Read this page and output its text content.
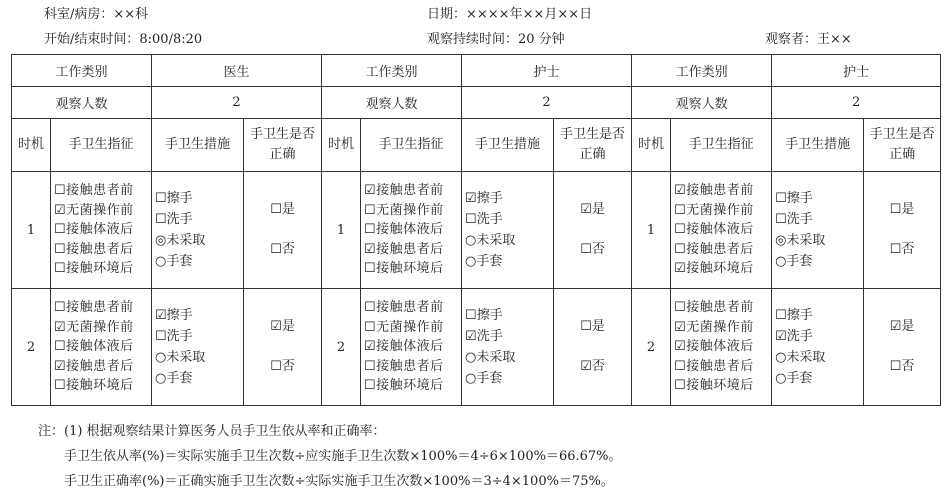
科室/病房：××科	日期：××××年××月××日
开始/结束时间：8:00/8:20	观察持续时间：20 分钟	观察者：王××
工作类别		医生		工作类别		护士		工作类别		护士	
观察人数		2		观察人数		2		观察人数		2	
时机	手卫生指征	手卫生措施	手卫生是否正确	时机	手卫生指征	手卫生措施	手卫生是否正确	时机	手卫生指征	手卫生措施	手卫生是否正确
1	☐接触患者前
☑无菌操作前
☐接触体液后
☐接触患者后
☐接触环境后	☐擦手
☐洗手
◎未采取
○手套	☐是
☐否	1	☑接触患者前
☐无菌操作前
☐接触体液后
☑接触患者后
☐接触环境后	☑擦手
☐洗手
○未采取
○手套	☑是
☐否	1	☑接触患者前
☐无菌操作前
☐接触体液后
☐接触患者后
☑接触环境后	☐擦手
☐洗手
◎未采取
○手套	☐是
☐否

2	☐接触患者前
☑无菌操作前
☐接触体液后
☑接触患者后
☐接触环境后	☑擦手
☐洗手
○未采取
○手套	☑是
☐否	2	☐接触患者前
☐无菌操作前
☑接触体液后
☐接触患者后
☐接触环境后	☐擦手
☑洗手
○未采取
○手套	☐是
☑否	2	☐接触患者前
☑无菌操作前
☑接触体液后
☐接触患者后
☐接触环境后	☐擦手
☑洗手
○未采取
○手套	☑是
☐否
注：(1) 根据观察结果计算医务人员手卫生依从率和正确率：
手卫生依从率(%)＝实际实施手卫生次数÷应实施手卫生次数×100%＝4÷6×100%＝66.67%。
手卫生正确率(%)＝正确实施手卫生次数÷实际实施手卫生次数×100%＝3÷4×100%＝75%。
